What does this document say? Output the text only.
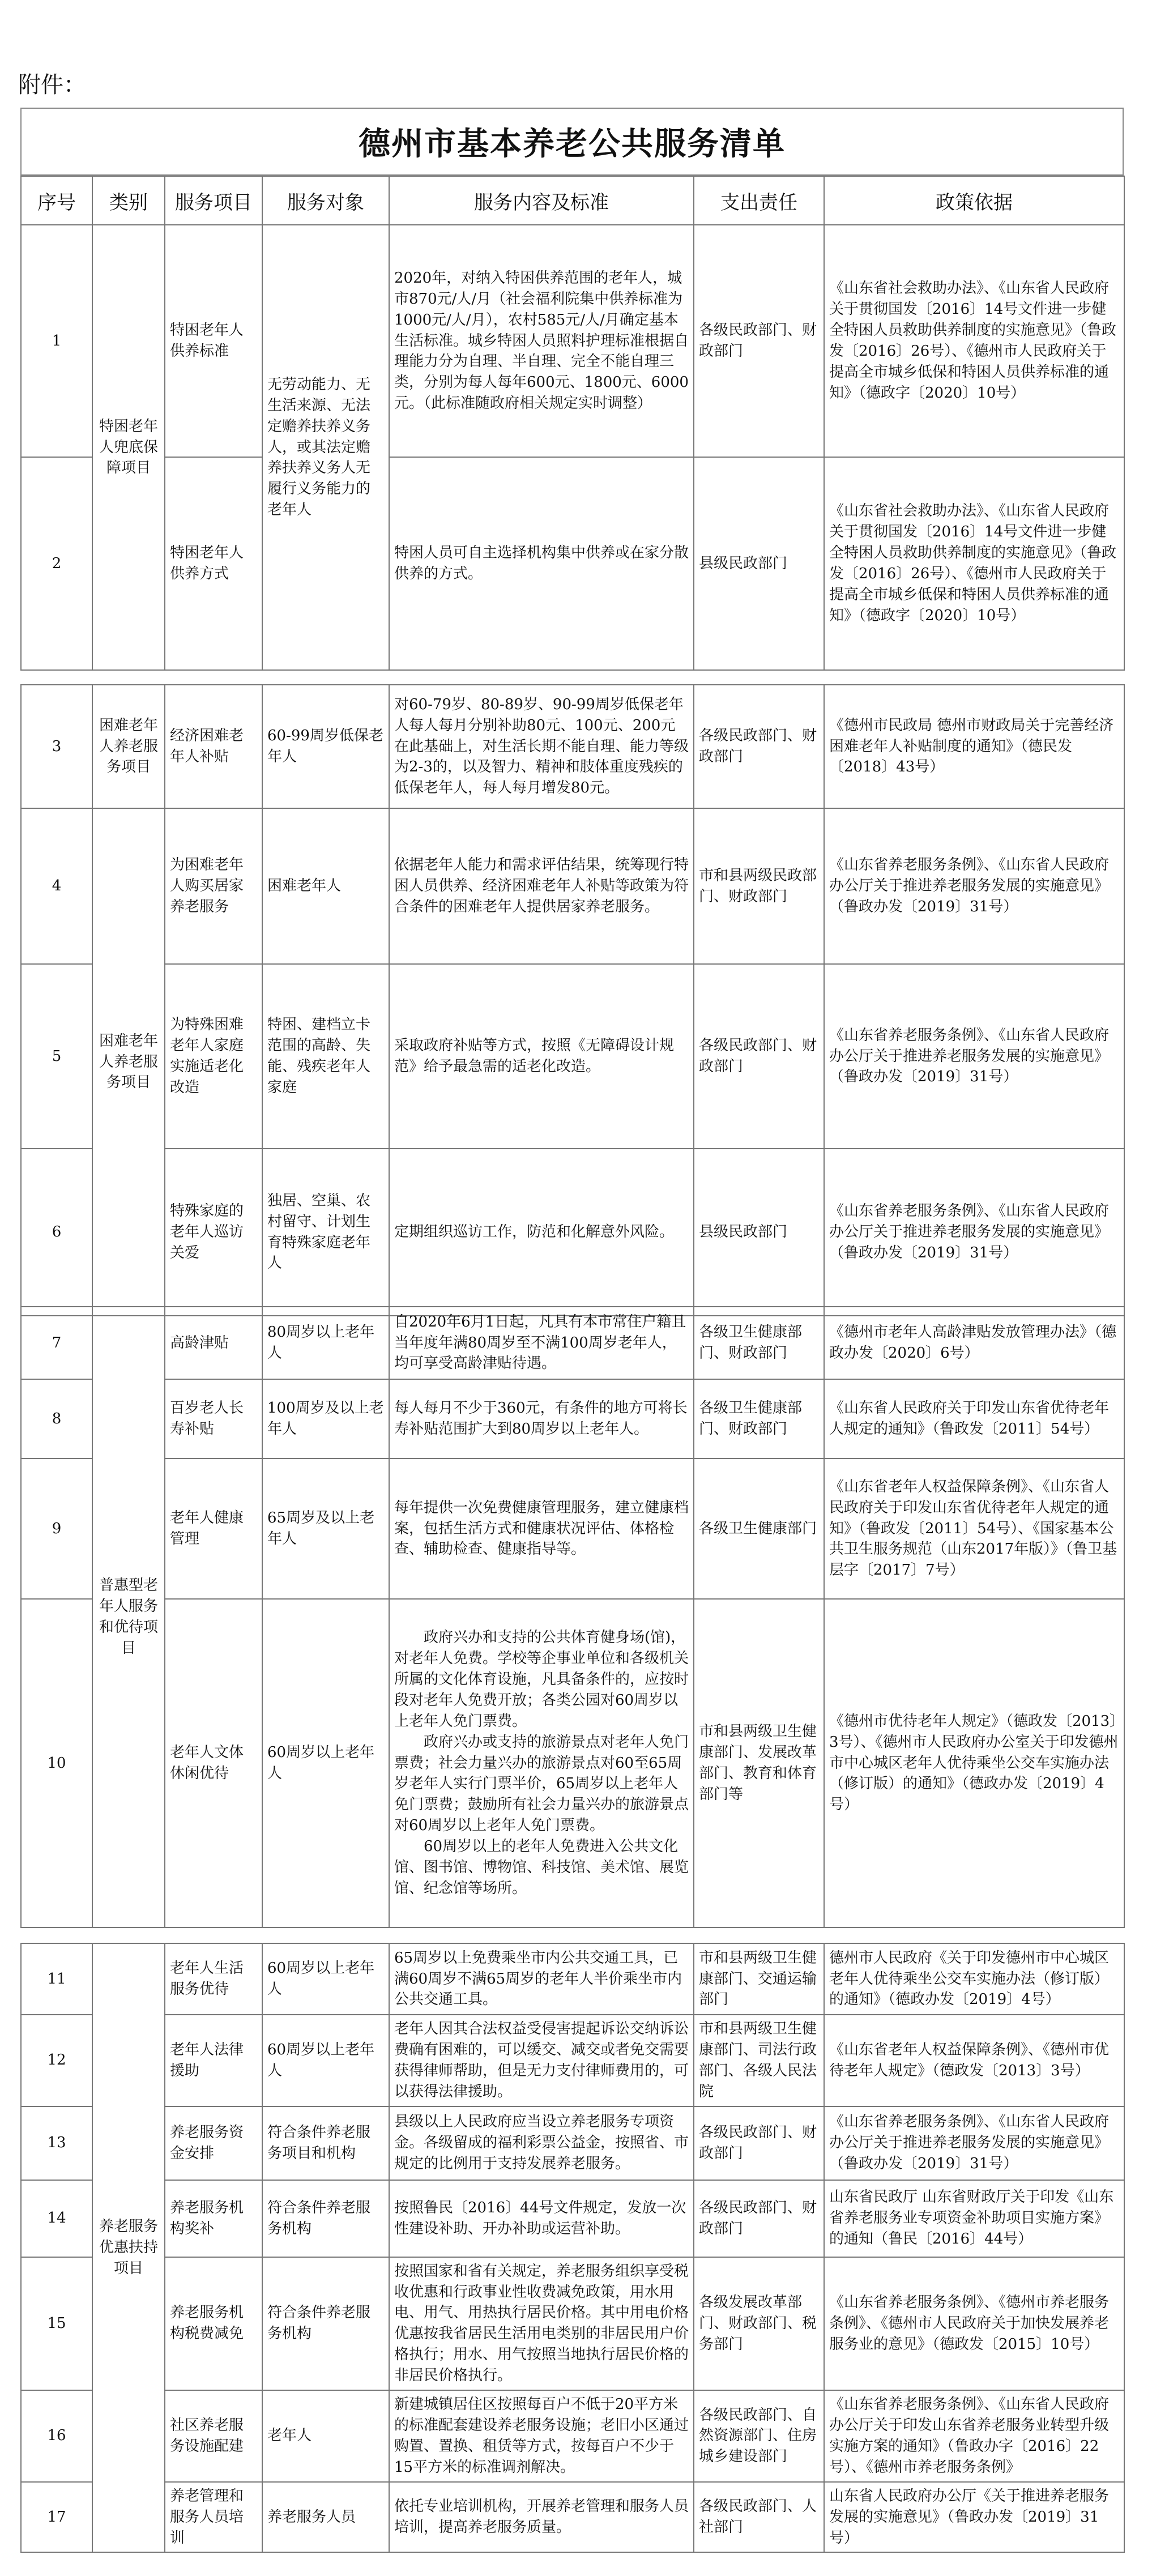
附件：
德州市基本养老公共服务清单
序号	类别	服务项目	服务对象	服务内容及标准	支出责任	政策依据
1	特困老年人兜底保障项目	特困老年人供养标准	无劳动能力、无生活来源、无法定赡养扶养义务人，或其法定赡养扶养义务人无履行义务能力的老年人	2020年，对纳入特困供养范围的老年人，城市870元/人/月（社会福利院集中供养标准为1000元/人/月），农村585元/人/月确定基本生活标准。城乡特困人员照料护理标准根据自理能力分为自理、半自理、完全不能自理三类，分别为每人每年600元、1800元、6000元。（此标准随政府相关规定实时调整）	各级民政部门、财政部门	《山东省社会救助办法》、《山东省人民政府关于贯彻国发〔2016〕14号文件进一步健全特困人员救助供养制度的实施意见》（鲁政发〔2016〕26号）、《德州市人民政府关于提高全市城乡低保和特困人员供养标准的通知》（德政字〔2020〕10号）
2		特困老年人供养方式		特困人员可自主选择机构集中供养或在家分散供养的方式。	县级民政部门	《山东省社会救助办法》、《山东省人民政府关于贯彻国发〔2016〕14号文件进一步健全特困人员救助供养制度的实施意见》（鲁政发〔2016〕26号）、《德州市人民政府关于提高全市城乡低保和特困人员供养标准的通知》（德政字〔2020〕10号）
3	困难老年人养老服务项目	经济困难老年人补贴	60-99周岁低保老年人	对60-79岁、80-89岁、90-99周岁低保老年人每人每月分别补助80元、100元、200元在此基础上，对生活长期不能自理、能力等级为2-3的，以及智力、精神和肢体重度残疾的低保老年人，每人每月增发80元。	各级民政部门、财政部门	《德州市民政局 德州市财政局关于完善经济困难老年人补贴制度的通知》（德民发〔2018〕43号）
4	困难老年人养老服务项目	为困难老年人购买居家养老服务	困难老年人	依据老年人能力和需求评估结果，统筹现行特困人员供养、经济困难老年人补贴等政策为符合条件的困难老年人提供居家养老服务。	市和县两级民政部门、财政部门	《山东省养老服务条例》、《山东省人民政府办公厅关于推进养老服务发展的实施意见》（鲁政办发〔2019〕31号）
5		为特殊困难老年人家庭实施适老化改造	特困、建档立卡范围的高龄、失能、残疾老年人家庭	采取政府补贴等方式，按照《无障碍设计规范》给予最急需的适老化改造。	各级民政部门、财政部门	《山东省养老服务条例》、《山东省人民政府办公厅关于推进养老服务发展的实施意见》（鲁政办发〔2019〕31号）
6		特殊家庭的老年人巡访关爱	独居、空巢、农村留守、计划生育特殊家庭老年人	定期组织巡访工作，防范和化解意外风险。	县级民政部门	《山东省养老服务条例》、《山东省人民政府办公厅关于推进养老服务发展的实施意见》（鲁政办发〔2019〕31号）
7	普惠型老年人服务和优待项目	高龄津贴	80周岁以上老年人	自2020年6月1日起，凡具有本市常住户籍且当年度年满80周岁至不满100周岁老年人，均可享受高龄津贴待遇。	各级卫生健康部门、财政部门	《德州市老年人高龄津贴发放管理办法》（德政办发〔2020〕6号）
8		百岁老人长寿补贴	100周岁及以上老年人	每人每月不少于360元，有条件的地方可将长寿补贴范围扩大到80周岁以上老年人。	各级卫生健康部门、财政部门	《山东省人民政府关于印发山东省优待老年人规定的通知》（鲁政发〔2011〕54号）
9		老年人健康管理	65周岁及以上老年人	每年提供一次免费健康管理服务，建立健康档案，包括生活方式和健康状况评估、体格检查、辅助检查、健康指导等。	各级卫生健康部门	《山东省老年人权益保障条例》、《山东省人民政府关于印发山东省优待老年人规定的通知》（鲁政发〔2011〕54号）、《国家基本公共卫生服务规范（山东2017年版）》（鲁卫基层字〔2017〕7号）
10		老年人文体休闲优待	60周岁以上老年人	政府兴办和支持的公共体育健身场(馆)，对老年人免费。学校等企事业单位和各级机关所属的文化体育设施，凡具备条件的，应按时段对老年人免费开放；各类公园对60周岁以上老年人免门票费。
政府兴办或支持的旅游景点对老年人免门票费；社会力量兴办的旅游景点对60至65周岁老年人实行门票半价，65周岁以上老年人免门票费；鼓励所有社会力量兴办的旅游景点对60周岁以上老年人免门票费。
60周岁以上的老年人免费进入公共文化馆、图书馆、博物馆、科技馆、美术馆、展览馆、纪念馆等场所。	市和县两级卫生健康部门、发展改革部门、教育和体育部门等	《德州市优待老年人规定》（德政发〔2013〕3号）、《德州市人民政府办公室关于印发德州市中心城区老年人优待乘坐公交车实施办法（修订版）的通知》（德政办发〔2019〕4号）
11	养老服务优惠扶持项目	老年人生活服务优待	60周岁以上老年人	65周岁以上免费乘坐市内公共交通工具，已满60周岁不满65周岁的老年人半价乘坐市内公共交通工具。	市和县两级卫生健康部门、交通运输部门	德州市人民政府《关于印发德州市中心城区老年人优待乘坐公交车实施办法（修订版）的通知》（德政办发〔2019〕4号）
12		老年人法律援助	60周岁以上老年人	老年人因其合法权益受侵害提起诉讼交纳诉讼费确有困难的，可以缓交、减交或者免交需要获得律师帮助，但是无力支付律师费用的，可以获得法律援助。	市和县两级卫生健康部门、司法行政部门、各级人民法院	《山东省老年人权益保障条例》、《德州市优待老年人规定》（德政发〔2013〕3号）
13		养老服务资金安排	符合条件养老服务项目和机构	县级以上人民政府应当设立养老服务专项资金。各级留成的福利彩票公益金，按照省、市规定的比例用于支持发展养老服务。	各级民政部门、财政部门	《山东省养老服务条例》、《山东省人民政府办公厅关于推进养老服务发展的实施意见》（鲁政办发〔2019〕31号）
14		养老服务机构奖补	符合条件养老服务机构	按照鲁民〔2016〕44号文件规定，发放一次性建设补助、开办补助或运营补助。	各级民政部门、财政部门	山东省民政厅 山东省财政厅关于印发《山东省养老服务业专项资金补助项目实施方案》的通知（鲁民〔2016〕44号）
15		养老服务机构税费减免	符合条件养老服务机构	按照国家和省有关规定，养老服务组织享受税收优惠和行政事业性收费减免政策，用水用电、用气、用热执行居民价格。其中用电价格优惠按我省居民生活用电类别的非居民用户价格执行；用水、用气按照当地执行居民价格的非居民价格执行。	各级发展改革部门、财政部门、税务部门	《山东省养老服务条例》、《德州市养老服务条例》、《德州市人民政府关于加快发展养老服务业的意见》（德政发〔2015〕10号）
16		社区养老服务设施配建	老年人	新建城镇居住区按照每百户不低于20平方米的标准配套建设养老服务设施；老旧小区通过购置、置换、租赁等方式，按每百户不少于15平方米的标准调剂解决。	各级民政部门、自然资源部门、住房城乡建设部门	《山东省养老服务条例》、《山东省人民政府办公厅关于印发山东省养老服务业转型升级实施方案的通知》（鲁政办字〔2016〕22号）、《德州市养老服务条例》
17		养老管理和服务人员培训	养老服务人员	依托专业培训机构，开展养老管理和服务人员培训，提高养老服务质量。	各级民政部门、人社部门	山东省人民政府办公厅《关于推进养老服务发展的实施意见》（鲁政办发〔2019〕31号）
